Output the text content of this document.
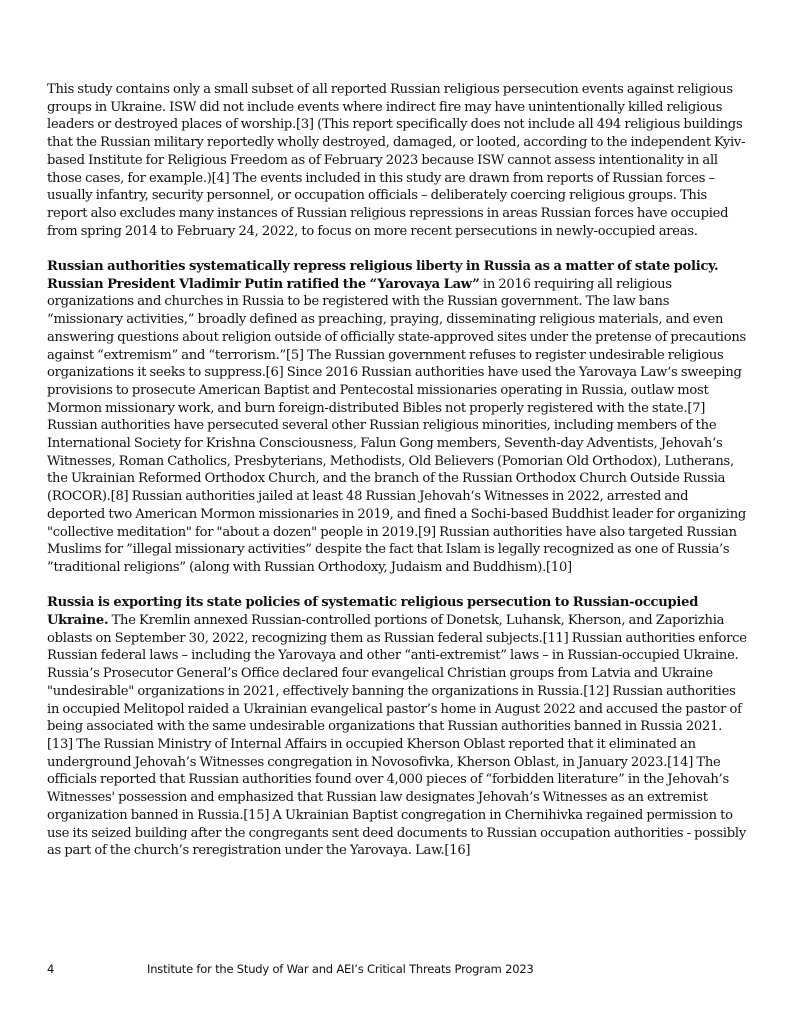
This study contains only a small subset of all reported Russian religious persecution events against religious groups in Ukraine. ISW did not include events where indirect fire may have unintentionally killed religious leaders or destroyed places of worship.[3] (This report specifically does not include all 494 religious buildings that the Russian military reportedly wholly destroyed, damaged, or looted, according to the independent Kyiv-based Institute for Religious Freedom as of February 2023 because ISW cannot assess intentionality in all those cases, for example.)[4] The events included in this study are drawn from reports of Russian forces – usually infantry, security personnel, or occupation officials – deliberately coercing religious groups. This report also excludes many instances of Russian religious repressions in areas Russian forces have occupied from spring 2014 to February 24, 2022, to focus on more recent persecutions in newly-occupied areas.

Russian authorities systematically repress religious liberty in Russia as a matter of state policy. Russian President Vladimir Putin ratified the “Yarovaya Law” in 2016 requiring all religious organizations and churches in Russia to be registered with the Russian government. The law bans “missionary activities,” broadly defined as preaching, praying, disseminating religious materials, and even answering questions about religion outside of officially state-approved sites under the pretense of precautions against “extremism” and “terrorism.”[5] The Russian government refuses to register undesirable religious organizations it seeks to suppress.[6] Since 2016 Russian authorities have used the Yarovaya Law‘s sweeping provisions to prosecute American Baptist and Pentecostal missionaries operating in Russia, outlaw most Mormon missionary work, and burn foreign-distributed Bibles not properly registered with the state.[7] Russian authorities have persecuted several other Russian religious minorities, including members of the International Society for Krishna Consciousness, Falun Gong members, Seventh-day Adventists, Jehovah‘s Witnesses, Roman Catholics, Presbyterians, Methodists, Old Believers (Pomorian Old Orthodox), Lutherans, the Ukrainian Reformed Orthodox Church, and the branch of the Russian Orthodox Church Outside Russia (ROCOR).[8] Russian authorities jailed at least 48 Russian Jehovah‘s Witnesses in 2022, arrested and deported two American Mormon missionaries in 2019, and fined a Sochi-based Buddhist leader for organizing "collective meditation" for "about a dozen" people in 2019.[9] Russian authorities have also targeted Russian Muslims for ”illegal missionary activities” despite the fact that Islam is legally recognized as one of Russia’s ”traditional religions” (along with Russian Orthodoxy, Judaism and Buddhism).[10]

Russia is exporting its state policies of systematic religious persecution to Russian-occupied Ukraine. The Kremlin annexed Russian-controlled portions of Donetsk, Luhansk, Kherson, and Zaporizhia oblasts on September 30, 2022, recognizing them as Russian federal subjects.[11] Russian authorities enforce Russian federal laws – including the Yarovaya and other “anti-extremist” laws – in Russian-occupied Ukraine. Russia’s Prosecutor General’s Office declared four evangelical Christian groups from Latvia and Ukraine "undesirable" organizations in 2021, effectively banning the organizations in Russia.[12] Russian authorities in occupied Melitopol raided a Ukrainian evangelical pastor’s home in August 2022 and accused the pastor of being associated with the same undesirable organizations that Russian authorities banned in Russia 2021.[13] The Russian Ministry of Internal Affairs in occupied Kherson Oblast reported that it eliminated an underground Jehovah’s Witnesses congregation in Novosofivka, Kherson Oblast, in January 2023.[14] The officials reported that Russian authorities found over 4,000 pieces of “forbidden literature” in the Jehovah’s Witnesses' possession and emphasized that Russian law designates Jehovah’s Witnesses as an extremist organization banned in Russia.[15] A Ukrainian Baptist congregation in Chernihivka regained permission to use its seized building after the congregants sent deed documents to Russian occupation authorities - possibly as part of the church’s reregistration under the Yarovaya. Law.[16]

4	Institute for the Study of War and AEI’s Critical Threats Program 2023
